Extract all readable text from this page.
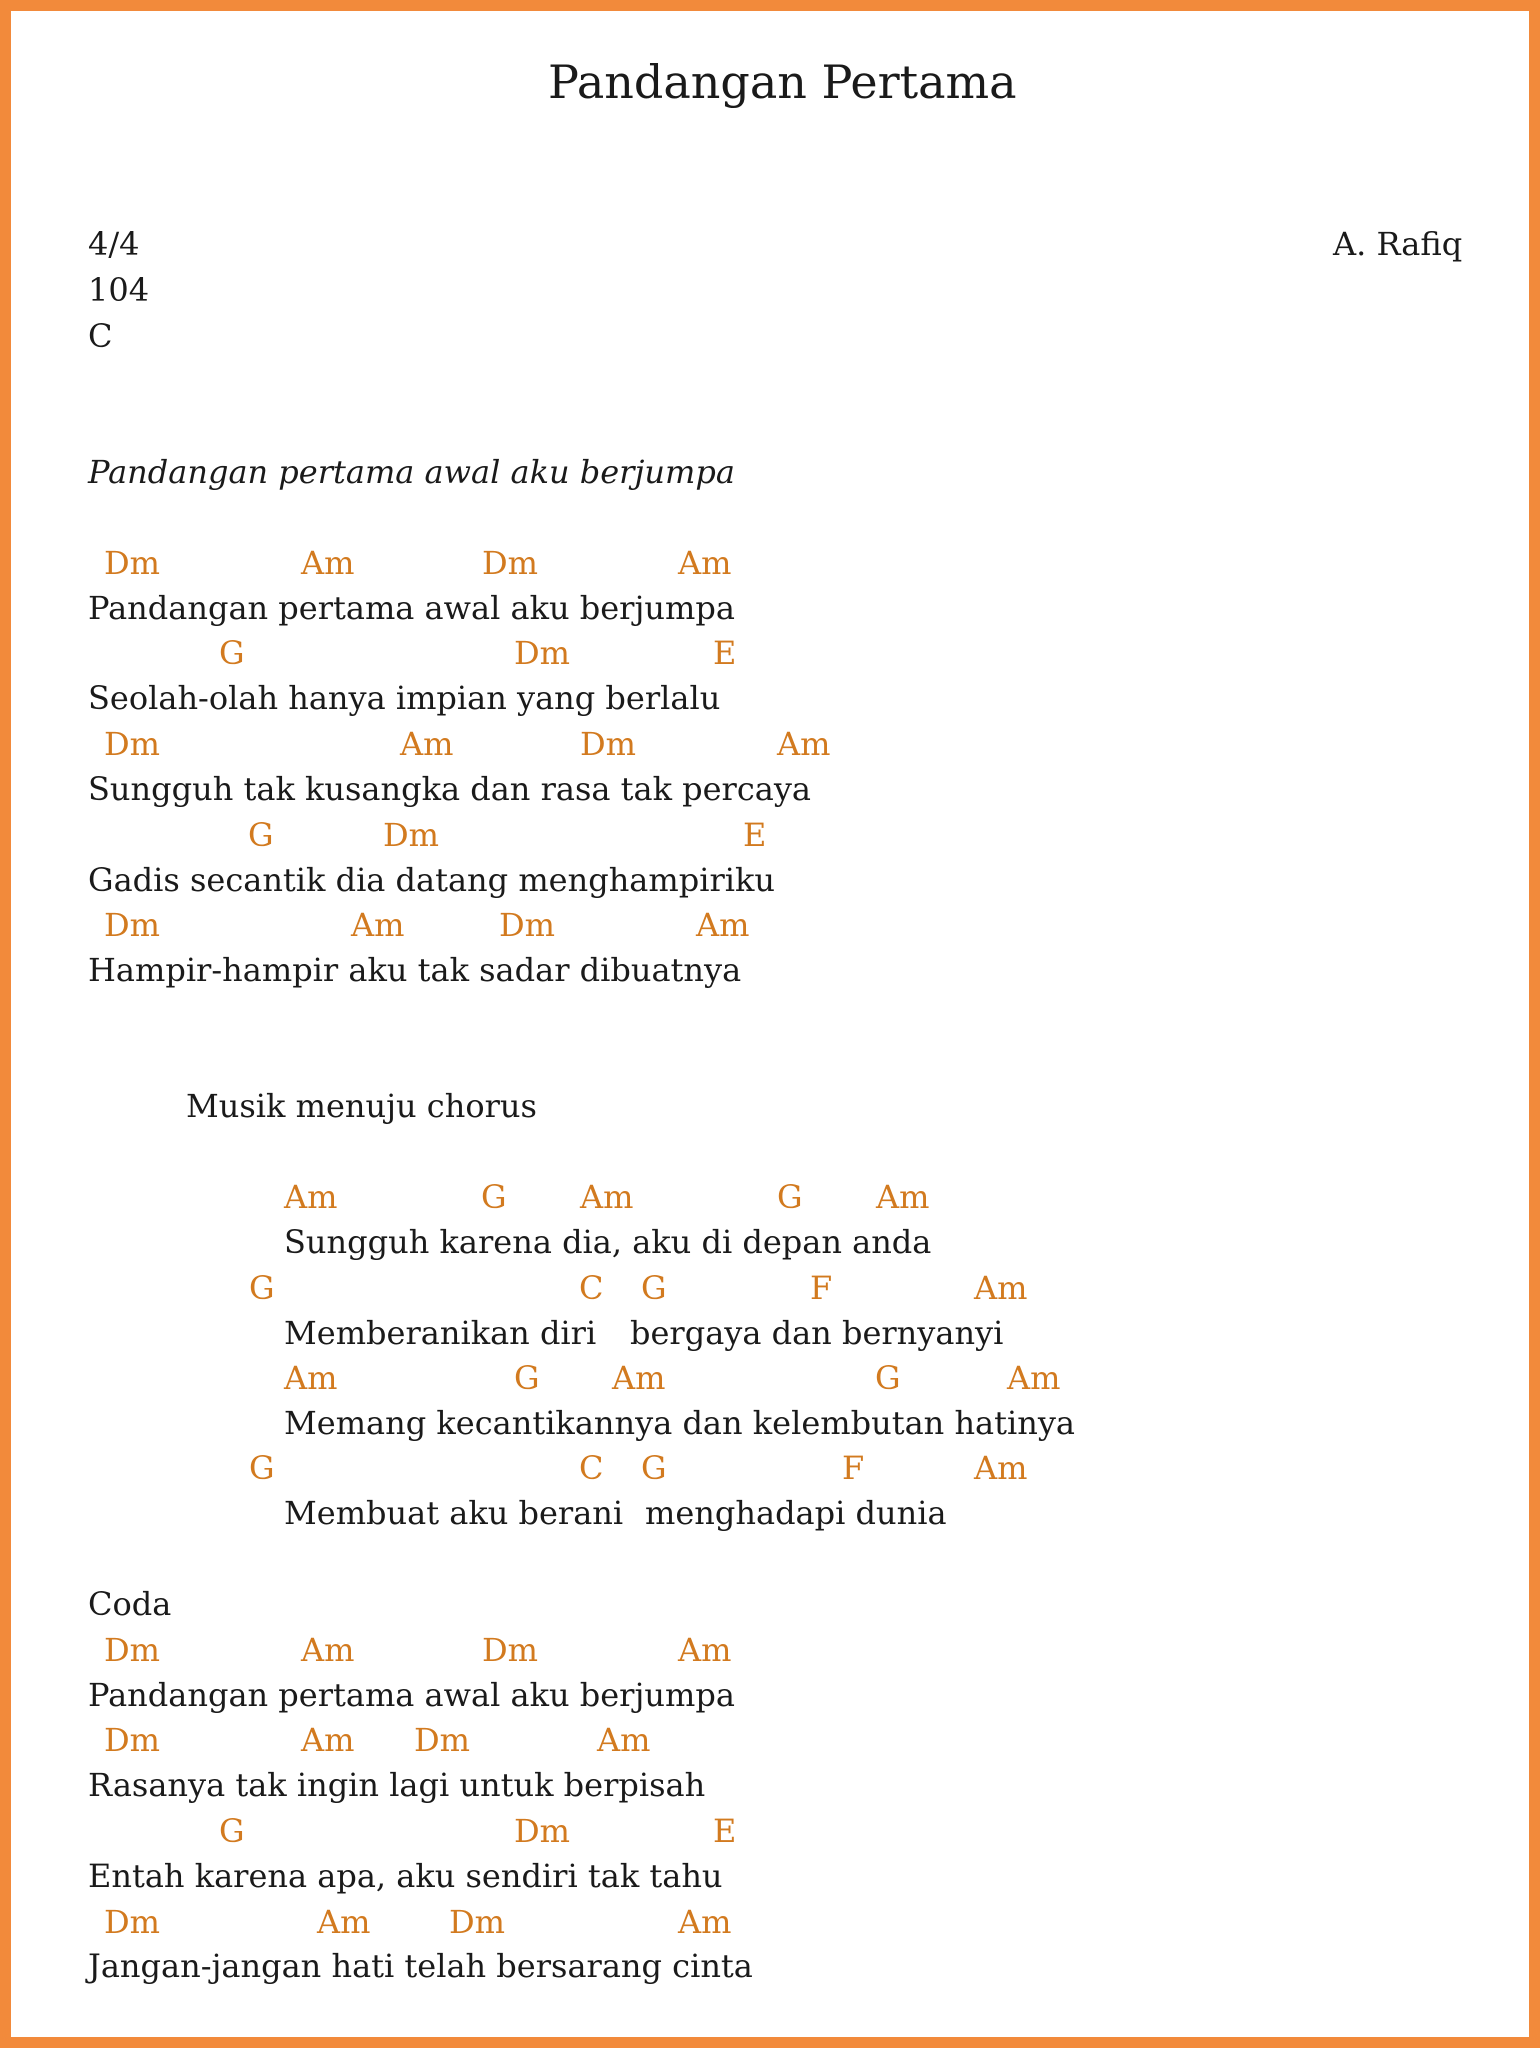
Pandangan Pertama
4/4
104
C
A. Rafiq
Pandangan pertama awal aku berjumpa
Dm	Am	Dm	Am
Pandangan pertama awal aku berjumpa
G	Dm	E
Seolah-olah hanya impian yang berlalu
Dm	Am	Dm	Am
Sungguh tak kusangka dan rasa tak percaya
G	Dm	E
Gadis secantik dia datang menghampiriku
Dm	Am	Dm	Am
Hampir-hampir aku tak sadar dibuatnya
Musik menuju chorus
Am	G Am	G Am
Sungguh karena dia, aku di depan anda
G	C G	F	Am
Memberanikan diri bergaya dan bernyanyi
Am	G Am	G	Am
Memang kecantikannya dan kelembutan hatinya
G	C G	F	Am
Membuat aku berani menghadapi dunia
Coda
Dm	Am	Dm	Am
Pandangan pertama awal aku berjumpa
Dm	Am Dm	Am
Rasanya tak ingin lagi untuk berpisah
G	Dm	E
Entah karena apa, aku sendiri tak tahu
Dm	Am Dm	Am
Jangan-jangan hati telah bersarang cinta
